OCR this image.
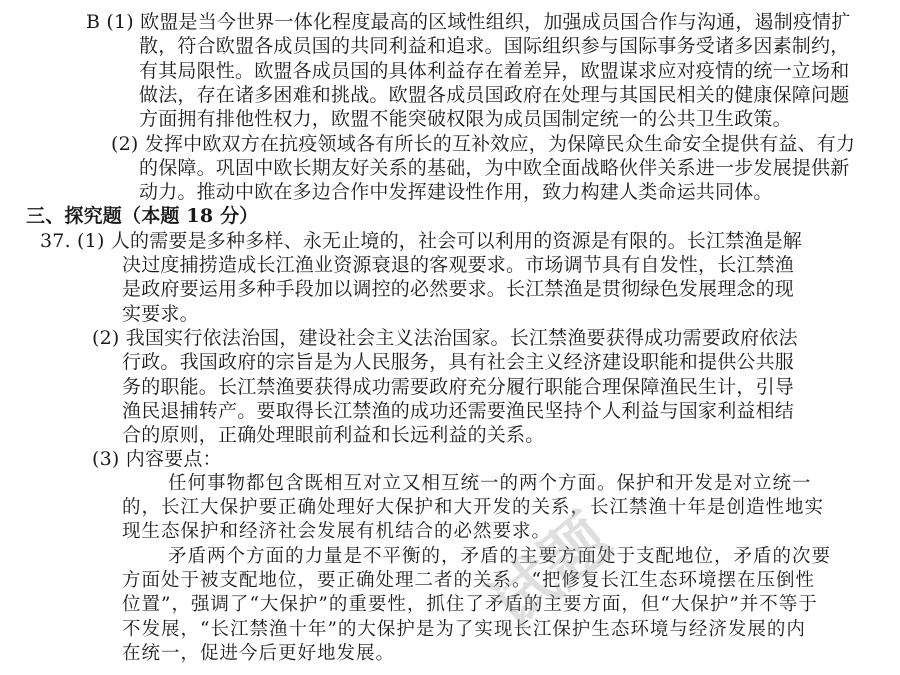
B (1) 欧盟是当今世界一体化程度最高的区域性组织，加强成员国合作与沟通，遏制疫情扩
散，符合欧盟各成员国的共同利益和追求。国际组织参与国际事务受诸多因素制约，
有其局限性。欧盟各成员国的具体利益存在着差异，欧盟谋求应对疫情的统一立场和
做法，存在诸多困难和挑战。欧盟各成员国政府在处理与其国民相关的健康保障问题
方面拥有排他性权力，欧盟不能突破权限为成员国制定统一的公共卫生政策。
(2) 发挥中欧双方在抗疫领域各有所长的互补效应，为保障民众生命安全提供有益、有力
的保障。巩固中欧长期友好关系的基础，为中欧全面战略伙伴关系进一步发展提供新
动力。推动中欧在多边合作中发挥建设性作用，致力构建人类命运共同体。
三、探究题（本题 18 分）
37. (1) 人的需要是多种多样、永无止境的，社会可以利用的资源是有限的。长江禁渔是解
决过度捕捞造成长江渔业资源衰退的客观要求。市场调节具有自发性，长江禁渔
是政府要运用多种手段加以调控的必然要求。长江禁渔是贯彻绿色发展理念的现
实要求。
(2) 我国实行依法治国，建设社会主义法治国家。长江禁渔要获得成功需要政府依法
行政。我国政府的宗旨是为人民服务，具有社会主义经济建设职能和提供公共服
务的职能。长江禁渔要获得成功需要政府充分履行职能合理保障渔民生计，引导
渔民退捕转产。要取得长江禁渔的成功还需要渔民坚持个人利益与国家利益相结
合的原则，正确处理眼前利益和长远利益的关系。
(3) 内容要点：
任何事物都包含既相互对立又相互统一的两个方面。保护和开发是对立统一
的，长江大保护要正确处理好大保护和大开发的关系，长江禁渔十年是创造性地实
现生态保护和经济社会发展有机结合的必然要求。
矛盾两个方面的力量是不平衡的，矛盾的主要方面处于支配地位，矛盾的次要
方面处于被支配地位，要正确处理二者的关系。“把修复长江生态环境摆在压倒性
位置”，强调了“大保护”的重要性，抓住了矛盾的主要方面，但“大保护”并不等于
不发展，“长江禁渔十年”的大保护是为了实现长江保护生态环境与经济发展的内
在统一，促进今后更好地发展。
试题
